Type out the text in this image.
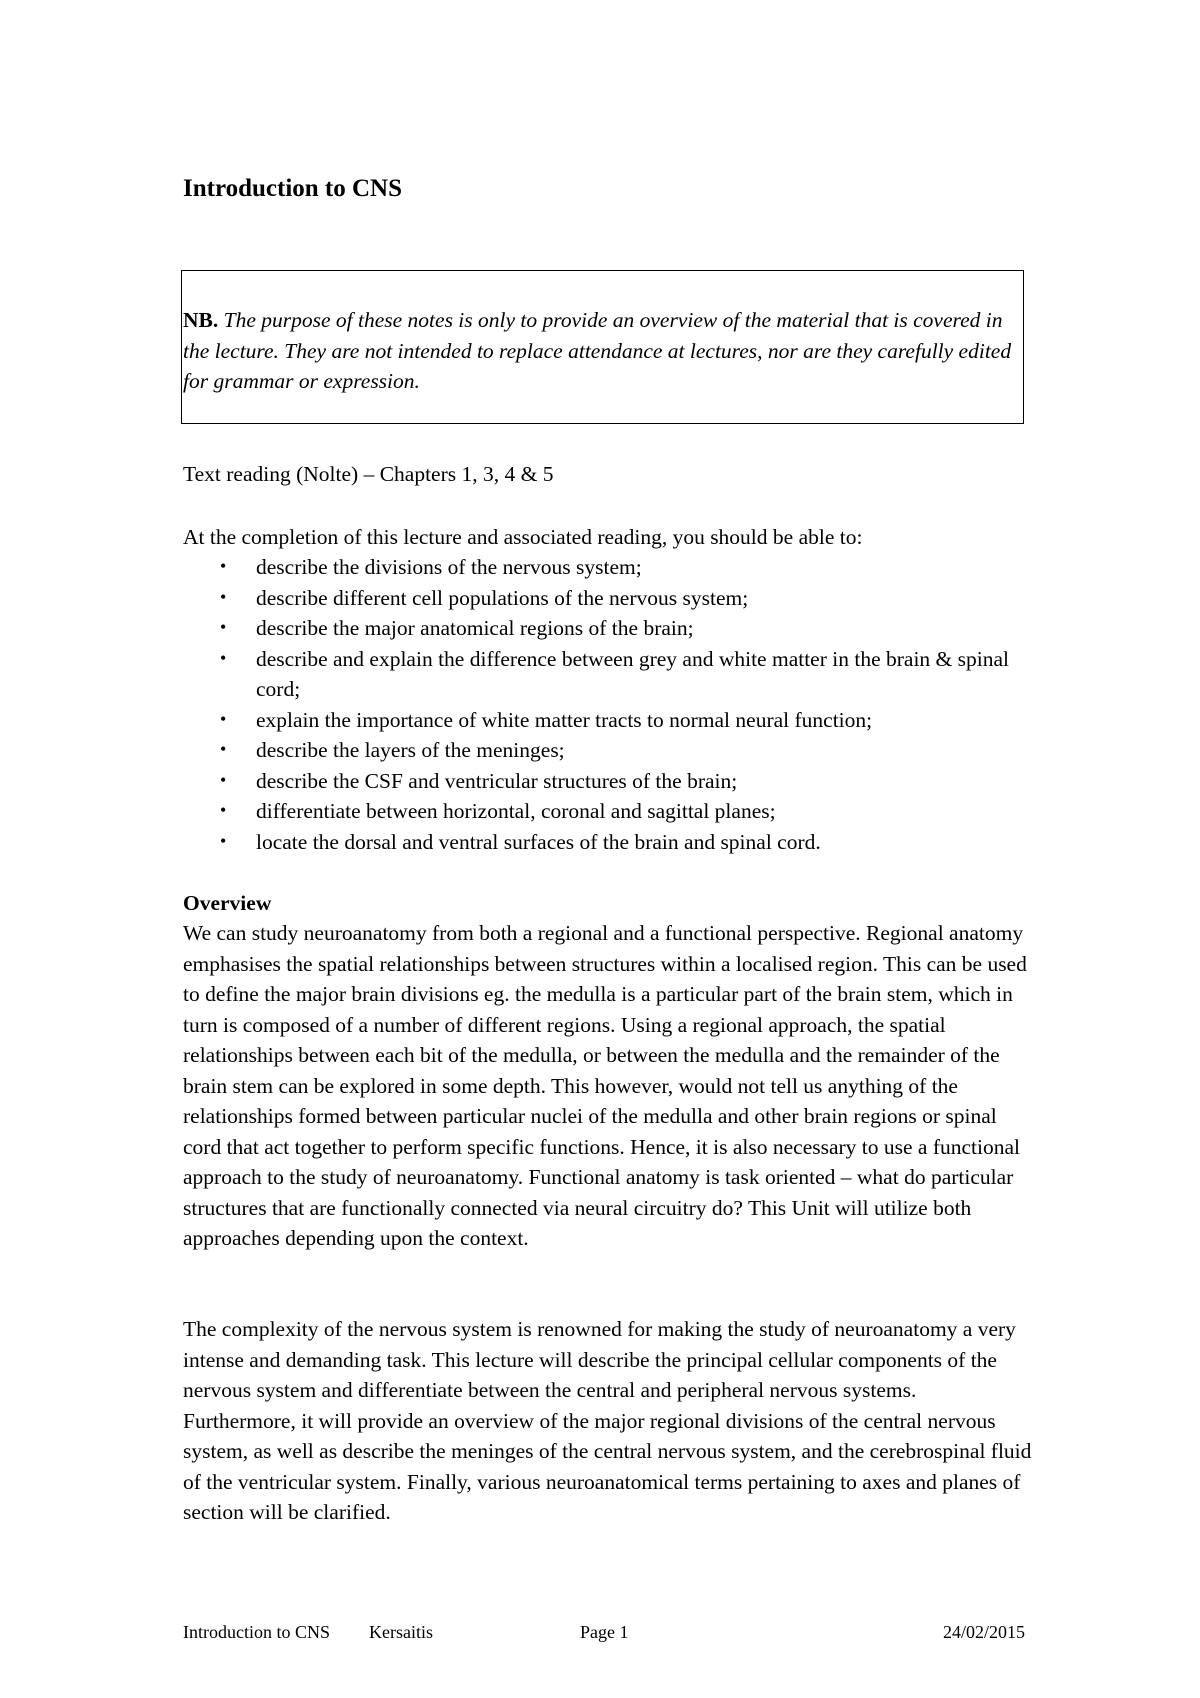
Introduction to CNS
NB. The purpose of these notes is only to provide an overview of the material that is covered in the lecture. They are not intended to replace attendance at lectures, nor are they carefully edited for grammar or expression.

Text reading (Nolte) – Chapters 1, 3, 4 & 5

At the completion of this lecture and associated reading, you should be able to:

• describe the divisions of the nervous system;
• describe different cell populations of the nervous system;
• describe the major anatomical regions of the brain;
• describe and explain the difference between grey and white matter in the brain & spinal cord;
• explain the importance of white matter tracts to normal neural function;
• describe the layers of the meninges;
• describe the CSF and ventricular structures of the brain;
• differentiate between horizontal, coronal and sagittal planes;
• locate the dorsal and ventral surfaces of the brain and spinal cord.
Overview

We can study neuroanatomy from both a regional and a functional perspective. Regional anatomy emphasises the spatial relationships between structures within a localised region. This can be used to define the major brain divisions eg. the medulla is a particular part of the brain stem, which in turn is composed of a number of different regions. Using a regional approach, the spatial relationships between each bit of the medulla, or between the medulla and the remainder of the brain stem can be explored in some depth. This however, would not tell us anything of the relationships formed between particular nuclei of the medulla and other brain regions or spinal cord that act together to perform specific functions. Hence, it is also necessary to use a functional approach to the study of neuroanatomy. Functional anatomy is task oriented – what do particular structures that are functionally connected via neural circuitry do? This Unit will utilize both approaches depending upon the context.

The complexity of the nervous system is renowned for making the study of neuroanatomy a very intense and demanding task. This lecture will describe the principal cellular components of the nervous system and differentiate between the central and peripheral nervous systems. Furthermore, it will provide an overview of the major regional divisions of the central nervous system, as well as describe the meninges of the central nervous system, and the cerebrospinal fluid of the ventricular system. Finally, various neuroanatomical terms pertaining to axes and planes of section will be clarified.

Introduction to CNS Kersaitis	Page 1	24/02/2015
